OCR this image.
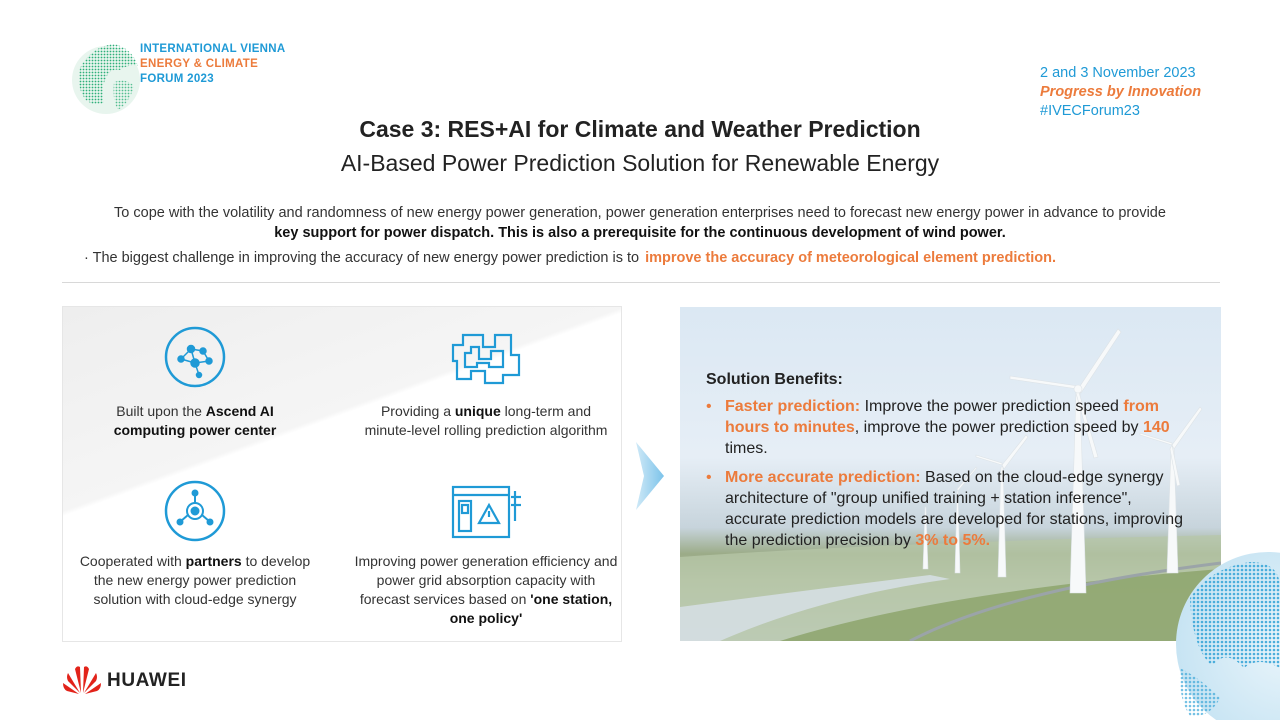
INTERNATIONAL VIENNA
ENERGY & CLIMATE
FORUM 2023	2 and 3 November 2023
Progress by Innovation
#IVECForum23
Case 3: RES+AI for Climate and Weather Prediction
AI-Based Power Prediction Solution for Renewable Energy
To cope with the volatility and randomness of new energy power generation, power generation enterprises need to forecast new energy power in advance to provide key support for power dispatch. This is also a prerequisite for the continuous development of wind power.
· The biggest challenge in improving the accuracy of new energy power prediction is to improve the accuracy of meteorological element prediction.
Built upon the Ascend AI computing power center
Providing a unique long-term and minute-level rolling prediction algorithm
Cooperated with partners to develop the new energy power prediction solution with cloud-edge synergy
Improving power generation efficiency and power grid absorption capacity with forecast services based on 'one station, one policy'
Solution Benefits:
• Faster prediction: Improve the power prediction speed from hours to minutes, improve the power prediction speed by 140 times.
• More accurate prediction: Based on the cloud-edge synergy architecture of "group unified training + station inference", accurate prediction models are developed for stations, improving the prediction precision by 3% to 5%.
HUAWEI
